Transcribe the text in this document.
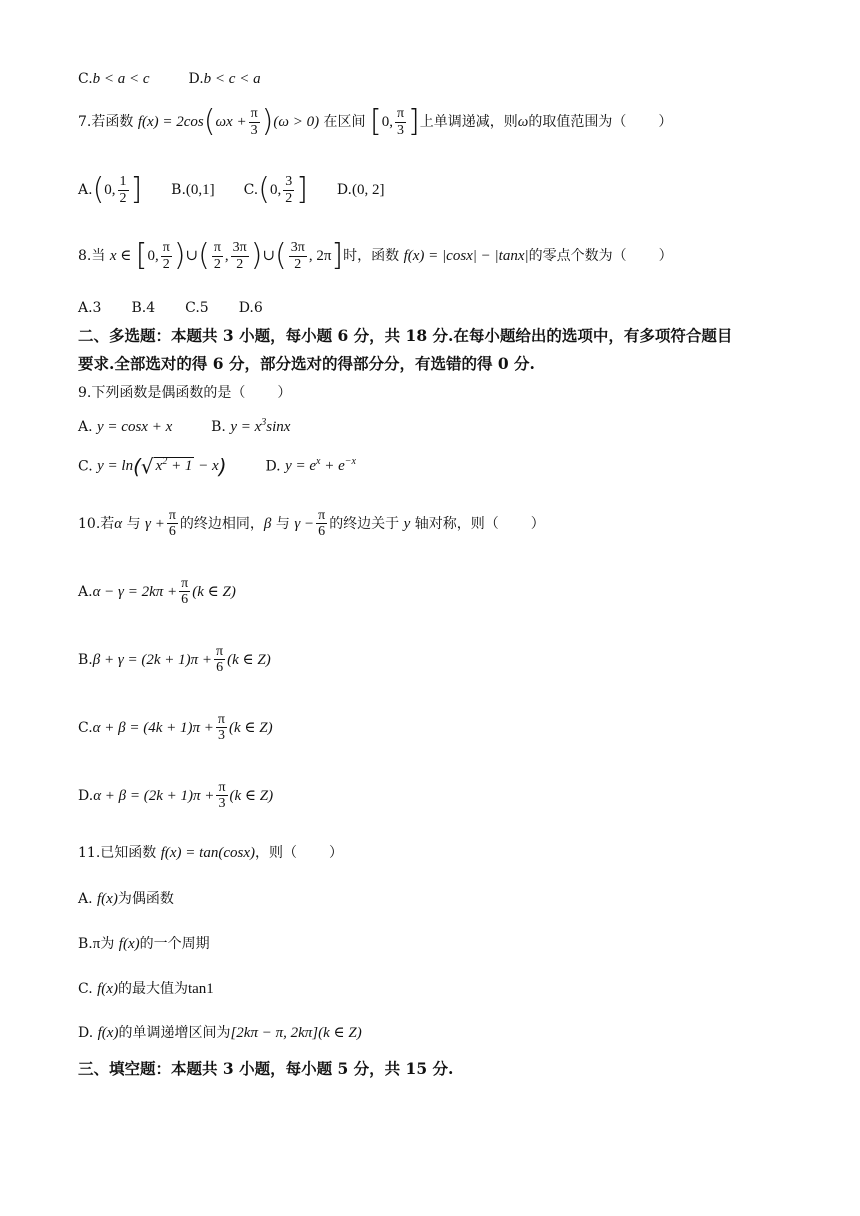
C.b < a < c	D.b < c < a
7.若函数 $f(x) = 2\cos(\omega x + \frac{\pi}{3} )(\omega > 0)$ 在区间 [0, $\frac{\pi}{3}$ ]上单调递减，则ω的取值范围为（ ）
A.(0, $\frac{1}{2}$ ] B.(0,1] C.(0, $\frac{3}{2}$ ] D.(0, 2]
8.当 x ∈ [0, $\frac{\pi}{2}$ )∪( $\frac{\pi}{2}$ , $\frac{3\pi}{2}$ )∪( $\frac{3\pi}{2}$ , 2π]时，函数 f(x) = |cosx| − |tanx|的零点个数为（ ）
A.3 B.4 C.5 D.6
二、多选题：本题共 3 小题，每小题 6 分，共 18 分.在每小题给出的选项中，有多项符合题目
要求.全部选对的得 6 分，部分选对的得部分分，有选错的得 0 分.
9.下列函数是偶函数的是（ ）
A. y = cosx + x	B. $y = x^3\sin x$
C. y = ln(√ $x^2 + 1 - x$)	D. $y = e^x + e^{-x}$
10.若α 与 $\gamma + \frac{\pi}{6}$ 的终边相同，β 与 $\gamma - \frac{\pi}{6}$ 的终边关于 y 轴对称，则（ ）
$A.\alpha - \gamma = 2k\pi + \frac{\pi}{6} (k$ ∈ Z)
$B.\beta + \gamma = (2k + 1)\pi + \frac{\pi}{6} (k$ ∈ Z)
$C.\alpha + \beta = (4k + 1)\pi + \frac{\pi}{3} (k$ ∈ Z)
$D.\alpha + \beta = (2k + 1)\pi + \frac{\pi}{3} (k$ ∈ Z)
11.已知函数 f(x) = tan(cosx)，则（ ）
A. f(x)为偶函数
B.π为 f(x)的一个周期
C. f(x)的最大值为tan1
D. f(x)的单调递增区间为[2kπ − π, 2kπ](k ∈ Z)
三、填空题：本题共 3 小题，每小题 5 分，共 15 分.
